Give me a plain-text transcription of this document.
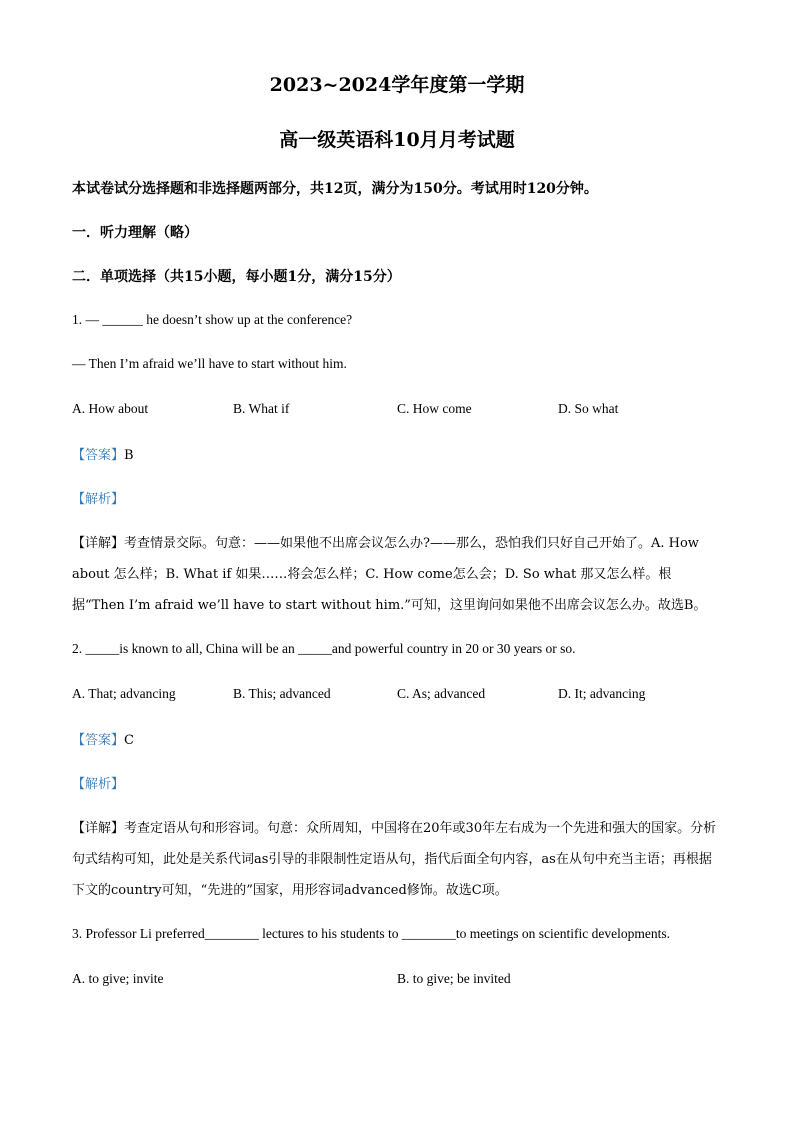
2023~2024学年度第一学期
高一级英语科10月月考试题
本试卷试分选择题和非选择题两部分，共12页，满分为150分。考试用时120分钟。
一．听力理解（略）
二．单项选择（共15小题，每小题1分，满分15分）
1. — ______ he doesn’t show up at the conference?
— Then I’m afraid we’ll have to start without him.
A. How about	B. What if	C. How come	D. So what
【答案】B
【解析】
【详解】考查情景交际。句意：——如果他不出席会议怎么办?——那么，恐怕我们只好自己开始了。A. How about 怎么样；B. What if 如果……将会怎么样；C. How come怎么会；D. So what 那又怎么样。根据“Then I’m afraid we’ll have to start without him.”可知，这里询问如果他不出席会议怎么办。故选B。
2. _____is known to all, China will be an _____and powerful country in 20 or 30 years or so.
A. That; advancing	B. This; advanced	C. As; advanced	D. It; advancing
【答案】C
【解析】
【详解】考查定语从句和形容词。句意：众所周知，中国将在20年或30年左右成为一个先进和强大的国家。分析句式结构可知，此处是关系代词as引导的非限制性定语从句，指代后面全句内容，as在从句中充当主语；再根据下文的country可知，“先进的”国家，用形容词advanced修饰。故选C项。
3. Professor Li preferred________ lectures to his students to ________to meetings on scientific developments.
A. to give; invite	B. to give; be invited
